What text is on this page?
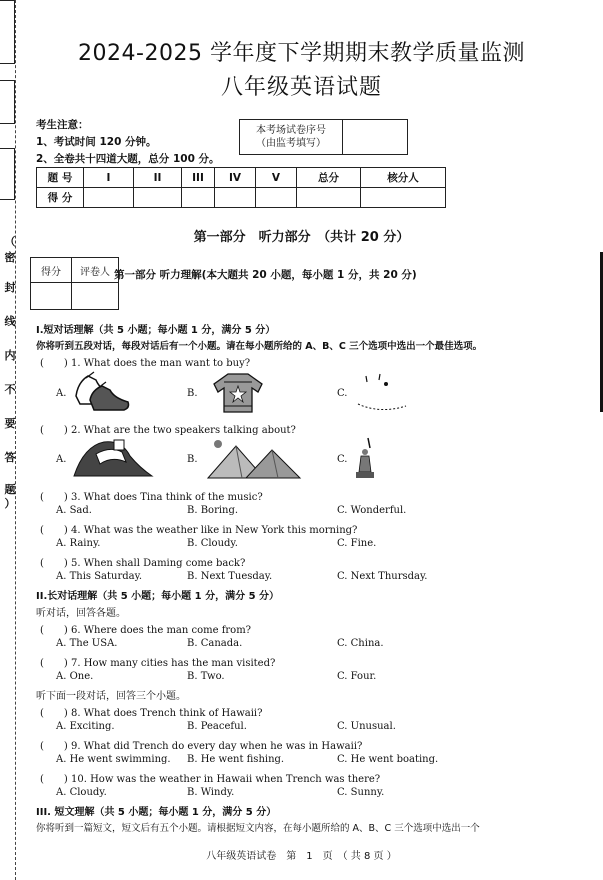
（
密
封
线
内
不
要
答
题
）
2024-2025 学年度下学期期末教学质量监测
八年级英语试题
考生注意：
1、考试时间 120 分钟。
2、全卷共十四道大题，总分 100 分。
本考场试卷序号
（由监考填写）

题 号	I	II	III	IV	V	总分	核分人
得 分							
第一部分　听力部分　（共计 20 分）
得分	评卷人
	第一部分 听力理解(本大题共 20 小题，每小题 1 分，共 20 分)
I.短对话理解（共 5 小题；每小题 1 分，满分 5 分）
你将听到五段对话，每段对话后有一个小题。请在每小题所给的 A、B、C 三个选项中选出一个最佳选项。
(　　) 1. What does the man want to buy?
A.	B.	C.
(　　) 2. What are the two speakers talking about?
A.	B.	C.
(　　) 3. What does Tina think of the music?
A. Sad.	B. Boring.	C. Wonderful.
(　　) 4. What was the weather like in New York this morning?
A. Rainy.	B. Cloudy.	C. Fine.
(　　) 5. When shall Daming come back?
A. This Saturday.	B. Next Tuesday.	C. Next Thursday.
II.长对话理解（共 5 小题；每小题 1 分，满分 5 分）
听对话，回答各题。
(　　) 6. Where does the man come from?
A. The USA.	B. Canada.	C. China.
(　　) 7. How many cities has the man visited?
A. One.	B. Two.	C. Four.
听下面一段对话，回答三个小题。
(　　) 8. What does Trench think of Hawaii?
A. Exciting.	B. Peaceful.	C. Unusual.
(　　) 9. What did Trench do every day when he was in Hawaii?
A. He went swimming. B. He went fishing.	C. He went boating.
(　　) 10. How was the weather in Hawaii when Trench was there?
A. Cloudy.	B. Windy.	C. Sunny.
III. 短文理解（共 5 小题；每小题 1 分，满分 5 分）
你将听到一篇短文，短文后有五个小题。请根据短文内容，在每小题所给的 A、B、C 三个选项中选出一个
八年级英语试卷　第　1　页　（ 共 8 页 ）
